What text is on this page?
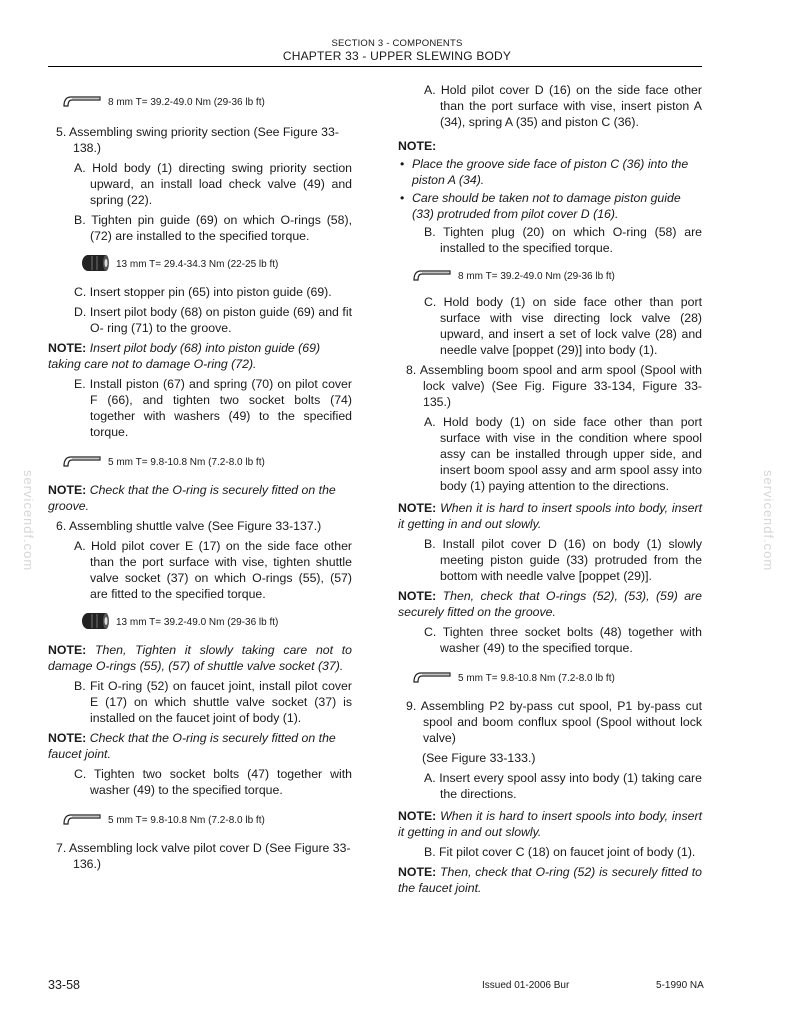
SECTION 3 - COMPONENTS
CHAPTER 33 - UPPER SLEWING BODY
serviceпdf.com	serviceпdf.com
8 mm T= 39.2-49.0 Nm (29-36 lb ft)

5. Assembling swing priority section (See Figure 33-138.)

A. Hold body (1) directing swing priority section upward, an install load check valve (49) and spring (22).

B. Tighten pin guide (69) on which O-rings (58), (72) are installed to the specified torque.

13 mm T= 29.4-34.3 Nm (22-25 lb ft)

C. Insert stopper pin (65) into piston guide (69).

D. Insert pilot body (68) on piston guide (69) and fit O- ring (71) to the groove.

NOTE: Insert pilot body (68) into piston guide (69) taking care not to damage O-ring (72).

E. Install piston (67) and spring (70) on pilot cover F (66), and tighten two socket bolts (74) together with washers (49) to the specified torque.

5 mm T= 9.8-10.8 Nm (7.2-8.0 lb ft)

NOTE: Check that the O-ring is securely fitted on the groove.

6. Assembling shuttle valve (See Figure 33-137.)

A. Hold pilot cover E (17) on the side face other than the port surface with vise, tighten shuttle valve socket (37) on which O-rings (55), (57) are fitted to the specified torque.

13 mm T= 39.2-49.0 Nm (29-36 lb ft)

NOTE: Then, Tighten it slowly taking care not to damage O-rings (55), (57) of shuttle valve socket (37).

B. Fit O-ring (52) on faucet joint, install pilot cover E (17) on which shuttle valve socket (37) is installed on the faucet joint of body (1).

NOTE: Check that the O-ring is securely fitted on the faucet joint.

C. Tighten two socket bolts (47) together with washer (49) to the specified torque.

5 mm T= 9.8-10.8 Nm (7.2-8.0 lb ft)

7. Assembling lock valve pilot cover D (See Figure 33-136.)

A. Hold pilot cover D (16) on the side face other than the port surface with vise, insert piston A (34), spring A (35) and piston C (36).

NOTE:

• Place the groove side face of piston C (36) into the piston A (34).

• Care should be taken not to damage piston guide (33) protruded from pilot cover D (16).

B. Tighten plug (20) on which O-ring (58) are installed to the specified torque.

8 mm T= 39.2-49.0 Nm (29-36 lb ft)

C. Hold body (1) on side face other than port surface with vise directing lock valve (28) upward, and insert a set of lock valve (28) and needle valve [poppet (29)] into body (1).

8. Assembling boom spool and arm spool (Spool with lock valve) (See Fig. Figure 33-134, Figure 33-135.)

A. Hold body (1) on side face other than port surface with vise in the condition where spool assy can be installed through upper side, and insert boom spool assy and arm spool assy into body (1) paying attention to the directions.

NOTE: When it is hard to insert spools into body, insert it getting in and out slowly.

B. Install pilot cover D (16) on body (1) slowly meeting piston guide (33) protruded from the bottom with needle valve [poppet (29)].

NOTE: Then, check that O-rings (52), (53), (59) are securely fitted on the groove.

C. Tighten three socket bolts (48) together with washer (49) to the specified torque.

5 mm T= 9.8-10.8 Nm (7.2-8.0 lb ft)

9. Assembling P2 by-pass cut spool, P1 by-pass cut spool and boom conflux spool (Spool without lock valve)

(See Figure 33-133.)

A. Insert every spool assy into body (1) taking care the directions.

NOTE: When it is hard to insert spools into body, insert it getting in and out slowly.

B. Fit pilot cover C (18) on faucet joint of body (1).

NOTE: Then, check that O-ring (52) is securely fitted to the faucet joint.

33-58	Issued 01-2006 Bur	5-1990 NA
